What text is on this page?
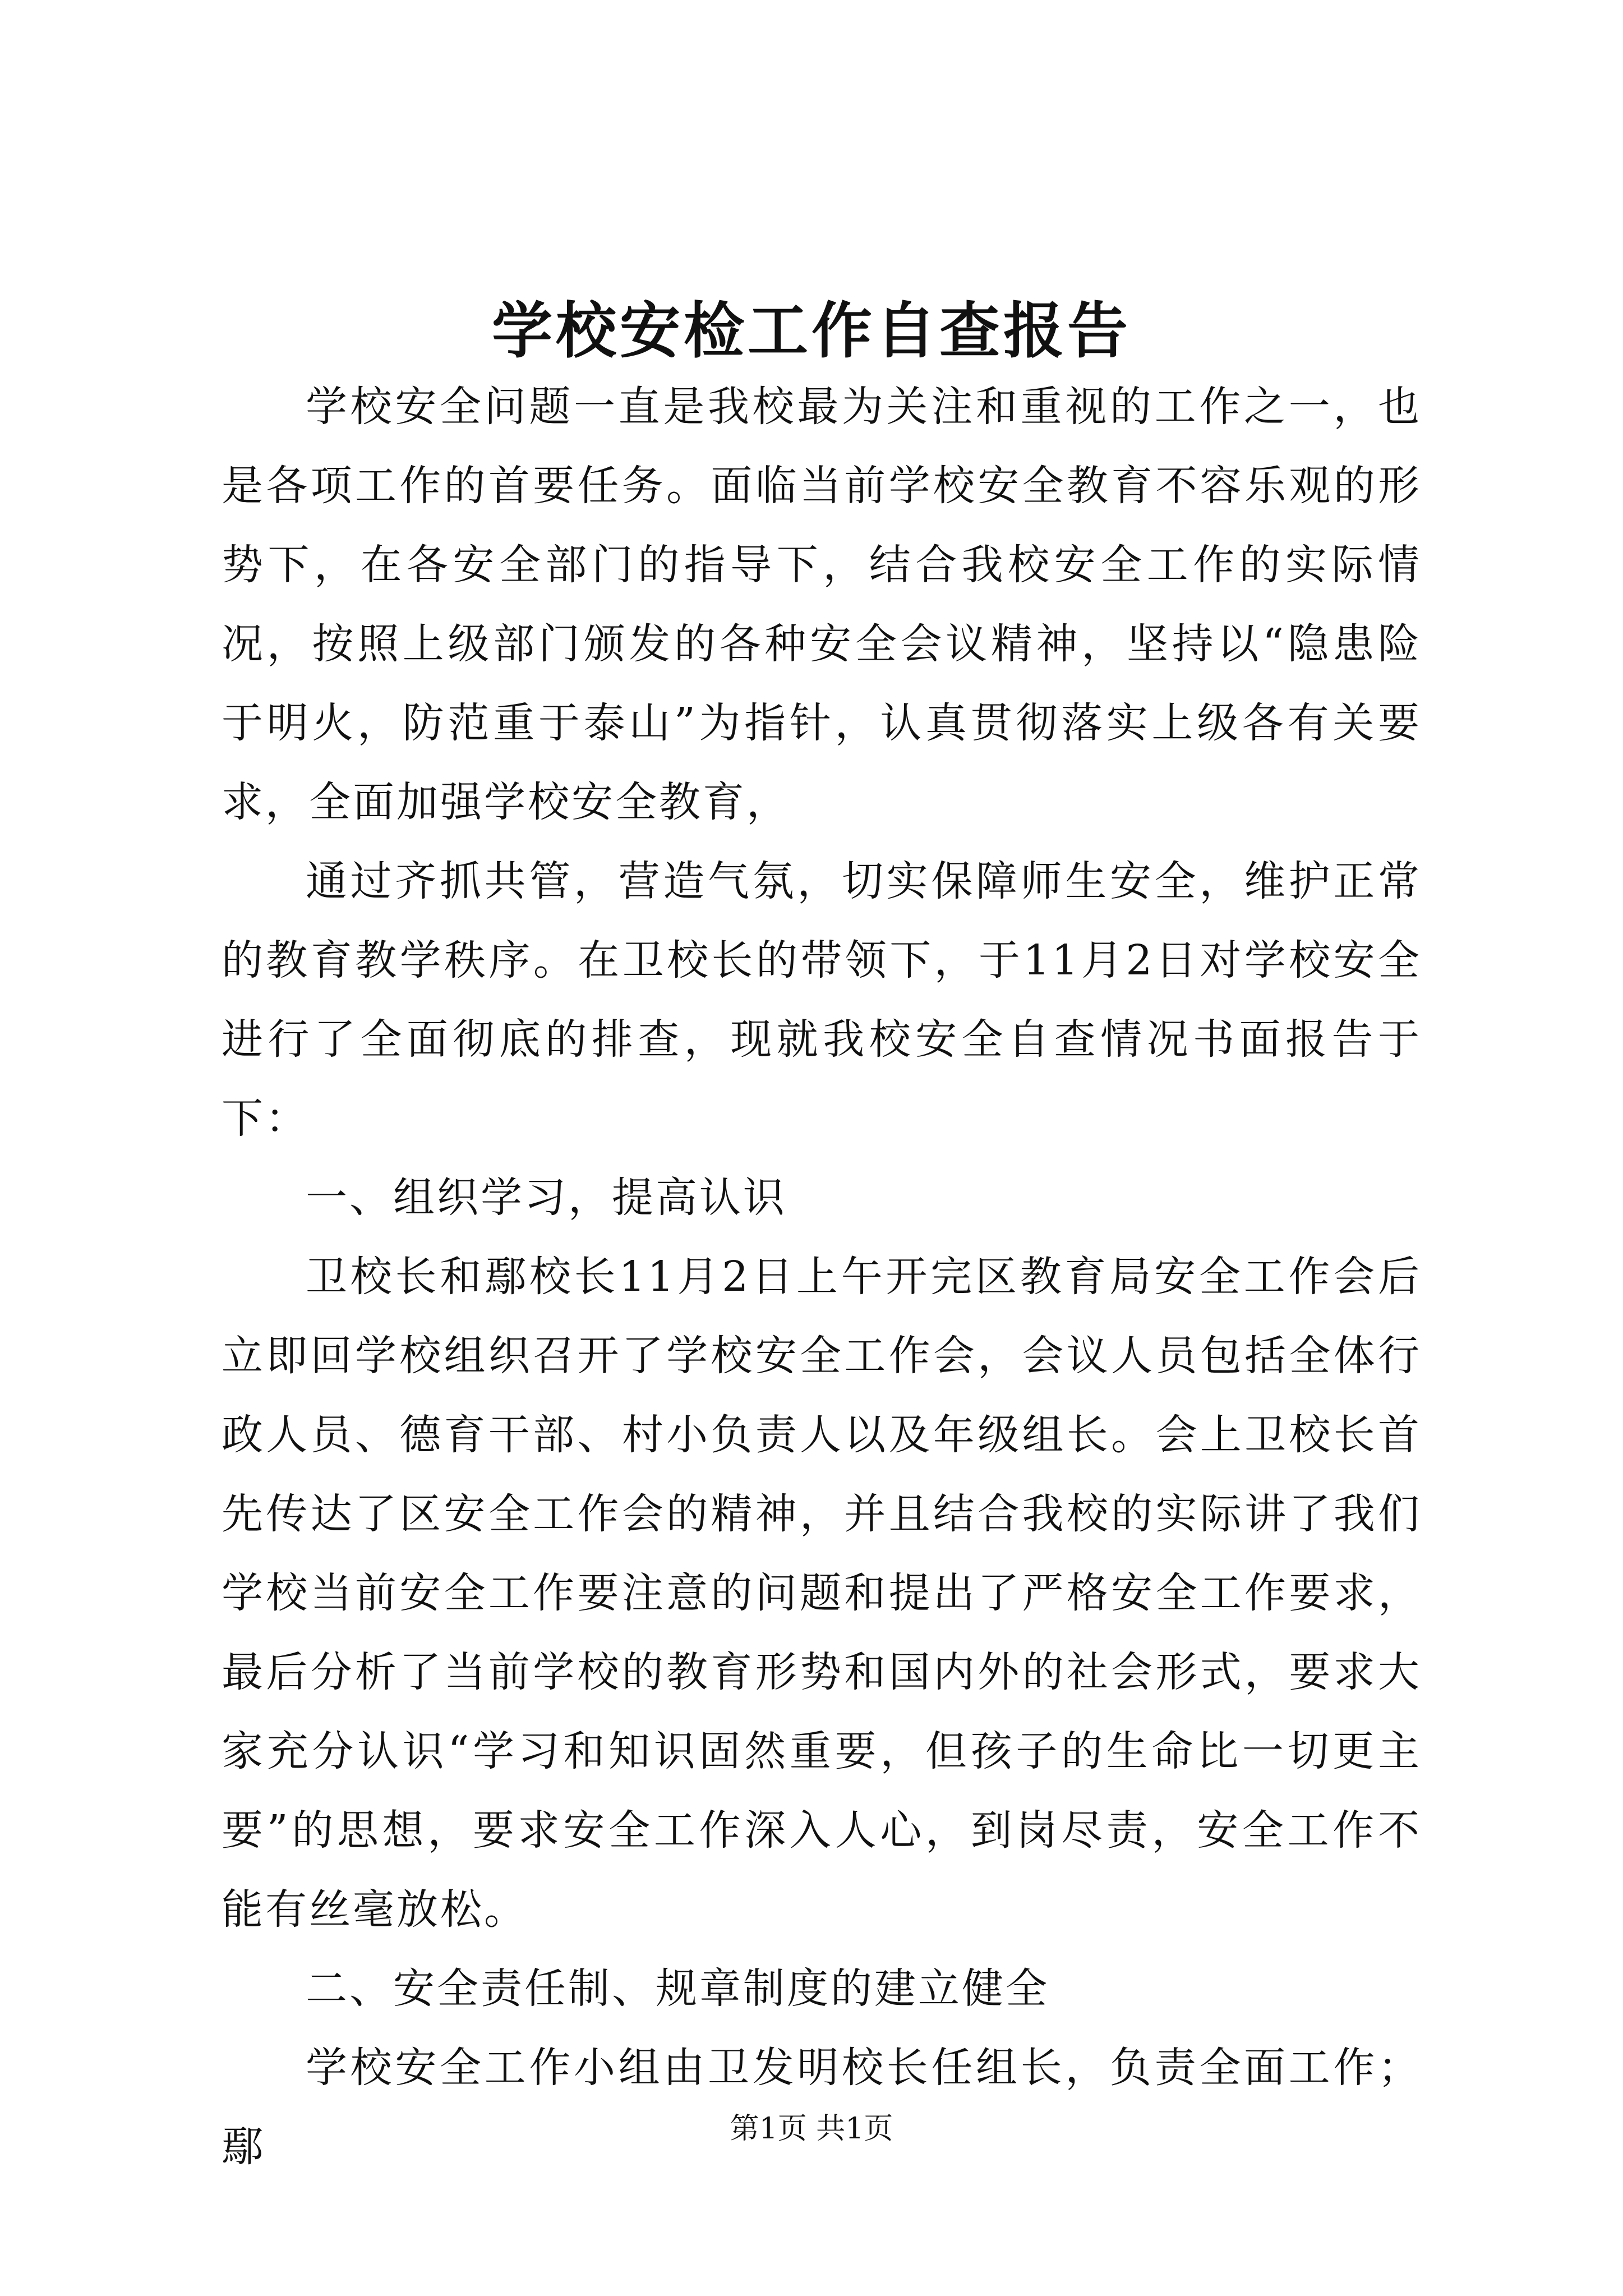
学校安检工作自查报告

学校安全问题一直是我校最为关注和重视的工作之一，也是各项工作的首要任务。面临当前学校安全教育不容乐观的形势下，在各安全部门的指导下，结合我校安全工作的实际情况，按照上级部门颁发的各种安全会议精神，坚持以“隐患险于明火，防范重于泰山”为指针，认真贯彻落实上级各有关要求，全面加强学校安全教育，

通过齐抓共管，营造气氛，切实保障师生安全，维护正常的教育教学秩序。在卫校长的带领下，于11月2日对学校安全进行了全面彻底的排查，现就我校安全自查情况书面报告于下：

一、组织学习，提高认识

卫校长和鄢校长11月2日上午开完区教育局安全工作会后立即回学校组织召开了学校安全工作会，会议人员包括全体行政人员、德育干部、村小负责人以及年级组长。会上卫校长首先传达了区安全工作会的精神，并且结合我校的实际讲了我们学校当前安全工作要注意的问题和提出了严格安全工作要求，最后分析了当前学校的教育形势和国内外的社会形式，要求大家充分认识“学习和知识固然重要，但孩子的生命比一切更主要”的思想，要求安全工作深入人心，到岗尽责，安全工作不能有丝毫放松。

二、安全责任制、规章制度的建立健全

学校安全工作小组由卫发明校长任组长，负责全面工作；鄢	第1页 共1页
